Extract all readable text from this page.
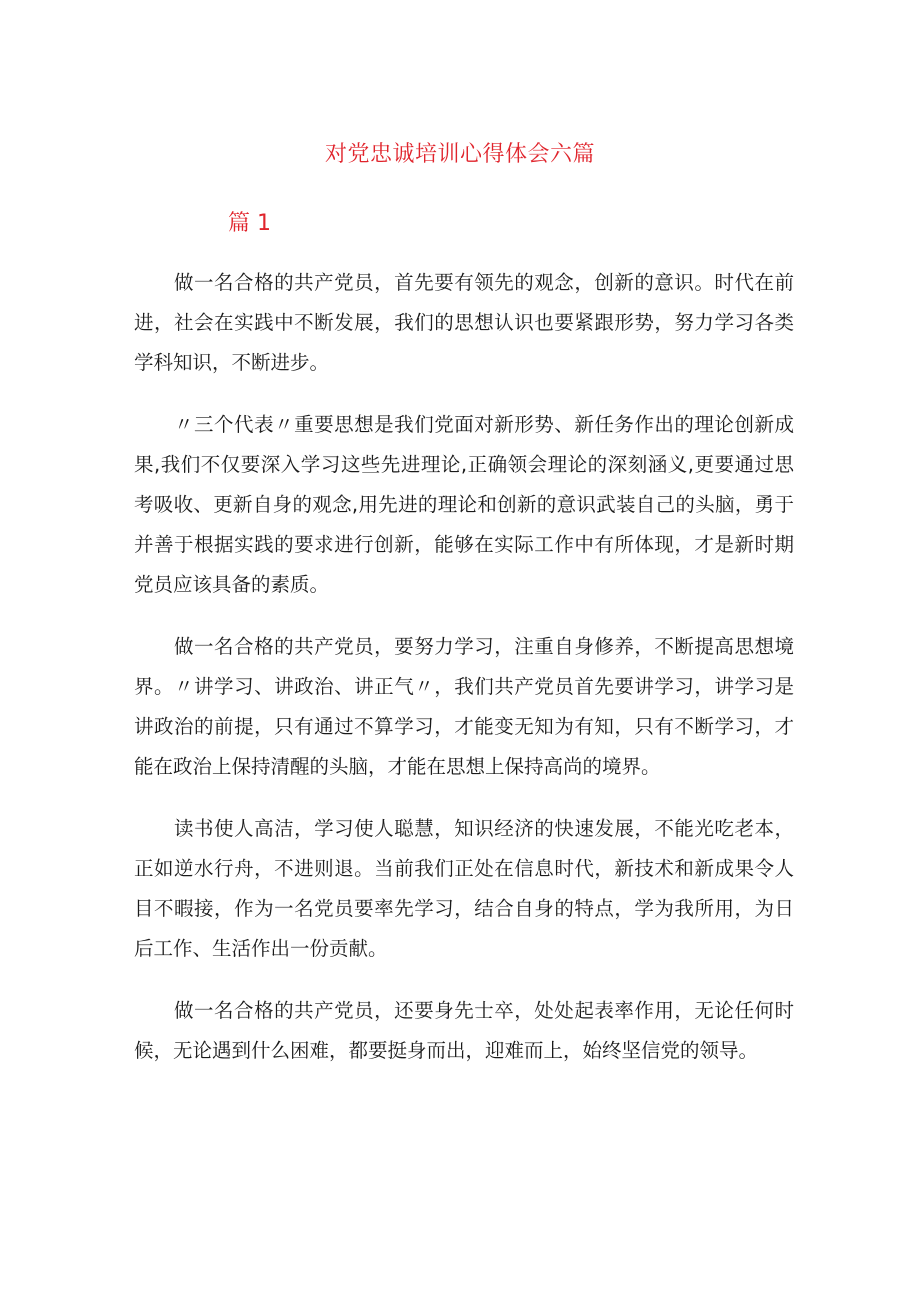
对党忠诚培训心得体会六篇
篇 1

做一名合格的共产党员，首先要有领先的观念，创新的意识。时代在前进，社会在实践中不断发展，我们的思想认识也要紧跟形势，努力学习各类学科知识，不断进步。

〃三个代表〃重要思想是我们党面对新形势、新任务作出的理论创新成果,我们不仅要深入学习这些先进理论,正确领会理论的深刻涵义,更要通过思考吸收、更新自身的观念,用先进的理论和创新的意识武装自己的头脑，勇于并善于根据实践的要求进行创新，能够在实际工作中有所体现，才是新时期党员应该具备的素质。

做一名合格的共产党员，要努力学习，注重自身修养，不断提高思想境界。〃讲学习、讲政治、讲正气〃，我们共产党员首先要讲学习，讲学习是讲政治的前提，只有通过不算学习，才能变无知为有知，只有不断学习，才能在政治上保持清醒的头脑，才能在思想上保持高尚的境界。

读书使人高洁，学习使人聪慧，知识经济的快速发展，不能光吃老本，正如逆水行舟，不进则退。当前我们正处在信息时代，新技术和新成果令人目不暇接，作为一名党员要率先学习，结合自身的特点，学为我所用，为日后工作、生活作出一份贡献。

做一名合格的共产党员，还要身先士卒，处处起表率作用，无论任何时候，无论遇到什么困难，都要挺身而出，迎难而上，始终坚信党的领导。
